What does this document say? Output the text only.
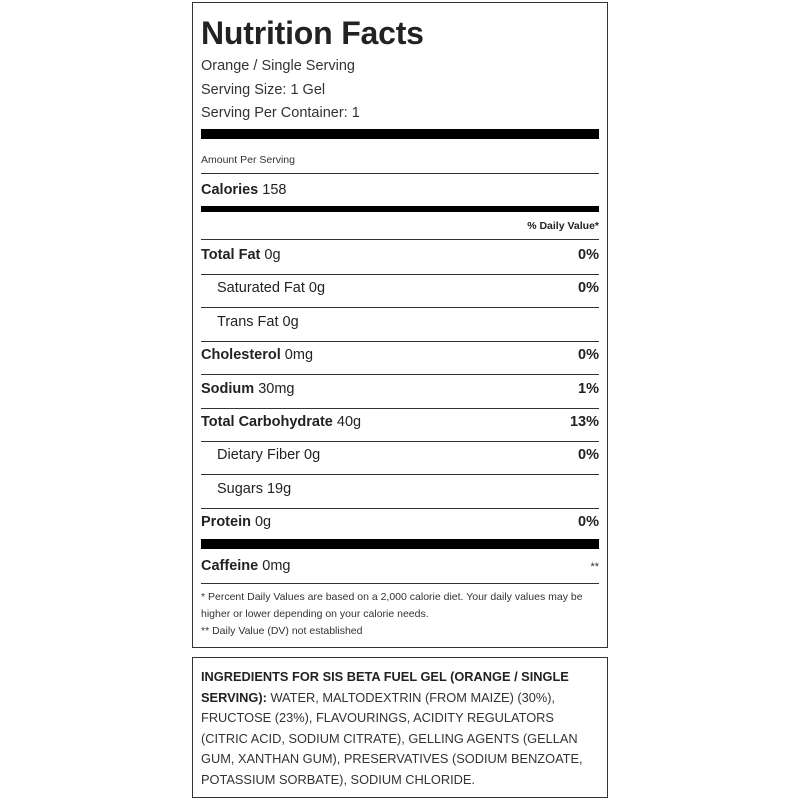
Nutrition Facts
Orange / Single Serving
Serving Size: 1 Gel
Serving Per Container: 1
Amount Per Serving
Calories 158
% Daily Value*
Total Fat 0g	0%
Saturated Fat 0g	0%
Trans Fat 0g
Cholesterol 0mg	0%
Sodium 30mg	1%
Total Carbohydrate 40g	13%
Dietary Fiber 0g	0%
Sugars 19g
Protein 0g	0%
Caffeine 0mg	**
* Percent Daily Values are based on a 2,000 calorie diet. Your daily values may be higher or lower depending on your calorie needs.
** Daily Value (DV) not established

INGREDIENTS FOR SIS BETA FUEL GEL (ORANGE / SINGLE SERVING): WATER, MALTODEXTRIN (FROM MAIZE) (30%), FRUCTOSE (23%), FLAVOURINGS, ACIDITY REGULATORS (CITRIC ACID, SODIUM CITRATE), GELLING AGENTS (GELLAN GUM, XANTHAN GUM), PRESERVATIVES (SODIUM BENZOATE, POTASSIUM SORBATE), SODIUM CHLORIDE.
